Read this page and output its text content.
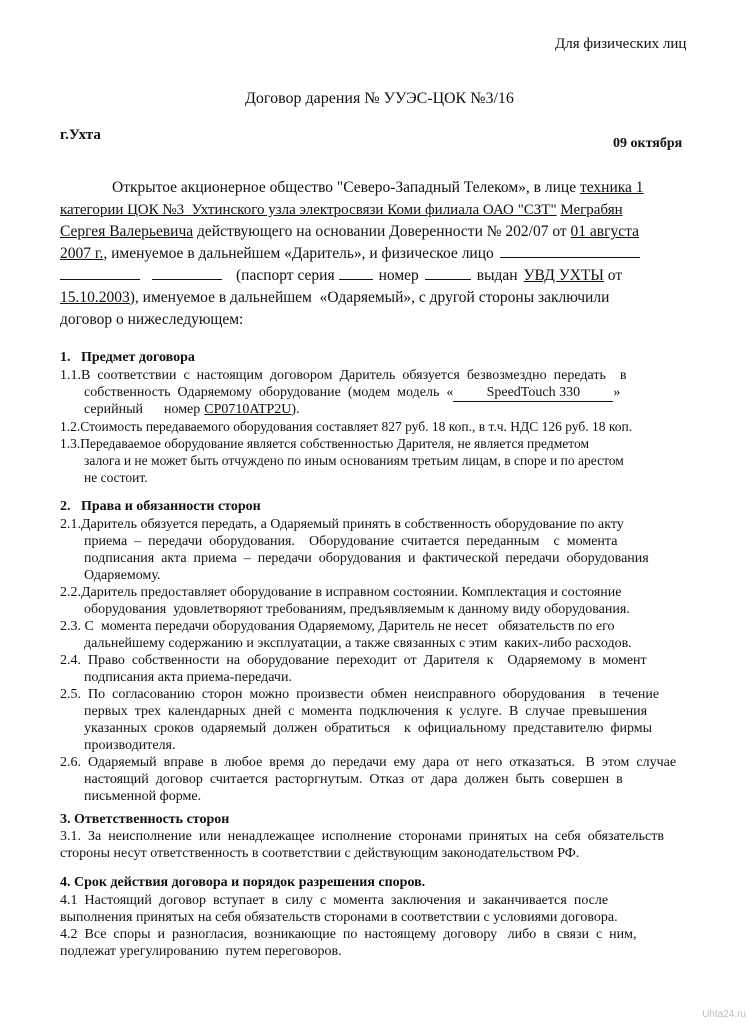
Для физических лиц
Договор дарения № УУЭС-ЦОК №3/16
г.Ухта
09 октября
Открытое акционерное общество "Северо-Западный Телеком», в лице техника 1
категории ЦОК №3  Ухтинского узла электросвязи Коми филиала ОАО "СЗТ" Меграбян
Сергея Валерьевича действующего на основании Доверенности № 202/07 от 01 августа
2007 г., именуемое в дальнейшем «Даритель», и физическое лицо
(паспорт серия	номер	выдан УВД УХТЫ от
15.10.2003), именуемое в дальнейшем  «Одаряемый», с другой стороны заключили
договор о нижеследующем:
1.   Предмет договора
1.1.В  соответствии  с  настоящим  договором  Даритель  обязуется  безвозмездно  передать    в
собственность  Одаряемому  оборудование  (модем  модель  « SpeedTouch 330 »
серийный      номер CP0710ATP2U).
1.2.Стоимость передаваемого оборудования составляет 827 руб. 18 коп., в т.ч. НДС 126 руб. 18 коп.
1.3.Передаваемое оборудование является собственностью Дарителя, не является предметом
залога и не может быть отчуждено по иным основаниям третьим лицам, в споре и по арестом
не состоит.
2.   Права и обязанности сторон
2.1.Даритель обязуется передать, а Одаряемый принять в собственность оборудование по акту
приема  –  передачи  оборудования.    Оборудование  считается  переданным    с  момента
подписания  акта  приема  –  передачи  оборудования  и  фактической  передачи  оборудования
Одаряемому.
2.2.Даритель предоставляет оборудование в исправном состоянии. Комплектация и состояние
оборудования  удовлетворяют требованиям, предъявляемым к данному виду оборудования.
2.3. С  момента передачи оборудования Одаряемому, Даритель не несет   обязательств по его
дальнейшему содержанию и эксплуатации, а также связанных с этим  каких-либо расходов.
2.4.  Право  собственности  на  оборудование  переходит  от  Дарителя  к    Одаряемому  в  момент
подписания акта приема-передачи.
2.5.  По  согласованию  сторон  можно  произвести  обмен  неисправного  оборудования    в  течение
первых  трех  календарных  дней  с  момента  подключения  к  услуге.  В  случае  превышения
указанных  сроков  одаряемый  должен  обратиться    к  официальному  представителю  фирмы
производителя.
2.6.  Одаряемый  вправе  в  любое  время  до  передачи  ему  дара  от  него  отказаться.   В  этом  случае
настоящий  договор  считается  расторгнутым.  Отказ  от  дара  должен  быть  совершен  в
письменной форме.
3. Ответственность сторон
3.1.  За  неисполнение  или  ненадлежащее  исполнение  сторонами  принятых  на  себя  обязательств
стороны несут ответственность в соответствии с действующим законодательством РФ.
4. Срок действия договора и порядок разрешения споров.
4.1  Настоящий  договор  вступает  в  силу  с  момента  заключения  и  заканчивается  после
выполнения принятых на себя обязательств сторонами в соответствии с условиями договора.
4.2  Все  споры  и  разногласия,  возникающие  по  настоящему  договору   либо  в  связи  с  ним,
подлежат урегулированию  путем переговоров.
Uhta24.ru
